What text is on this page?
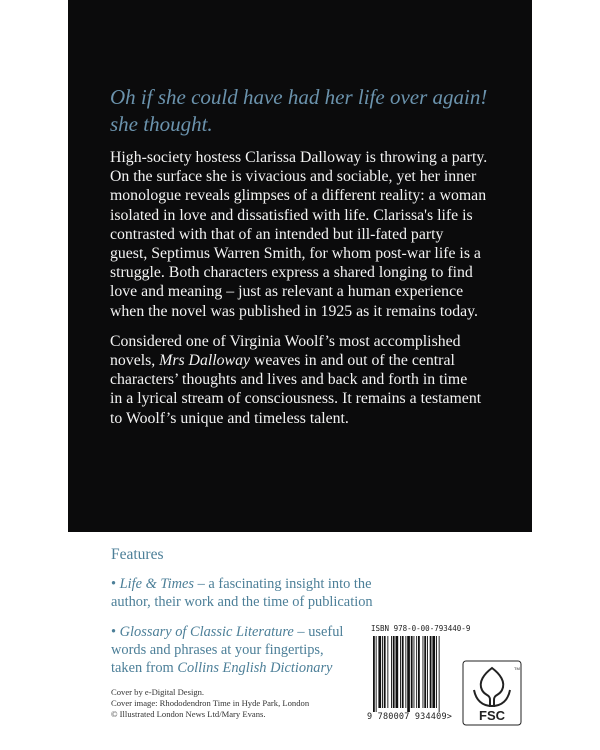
Oh if she could have had her life over again!
she thought.

High-society hostess Clarissa Dalloway is throwing a party.
On the surface she is vivacious and sociable, yet her inner
monologue reveals glimpses of a different reality: a woman
isolated in love and dissatisfied with life. Clarissa's life is
contrasted with that of an intended but ill-fated party
guest, Septimus Warren Smith, for whom post-war life is a
struggle. Both characters express a shared longing to find
love and meaning – just as relevant a human experience
when the novel was published in 1925 as it remains today.

Considered one of Virginia Woolf’s most accomplished
novels, Mrs Dalloway weaves in and out of the central
characters’ thoughts and lives and back and forth in time
in a lyrical stream of consciousness. It remains a testament
to Woolf’s unique and timeless talent.

Features
• Life & Times – a fascinating insight into the
author, their work and the time of publication
• Glossary of Classic Literature – useful
words and phrases at your fingertips,
taken from Collins English Dictionary
Cover by e-Digital Design.
Cover image: Rhododendron Time in Hyde Park, London
© Illustrated London News Ltd/Mary Evans.
ISBN 978-0-00-793440-9
9 780007 934409> FSC
TM
